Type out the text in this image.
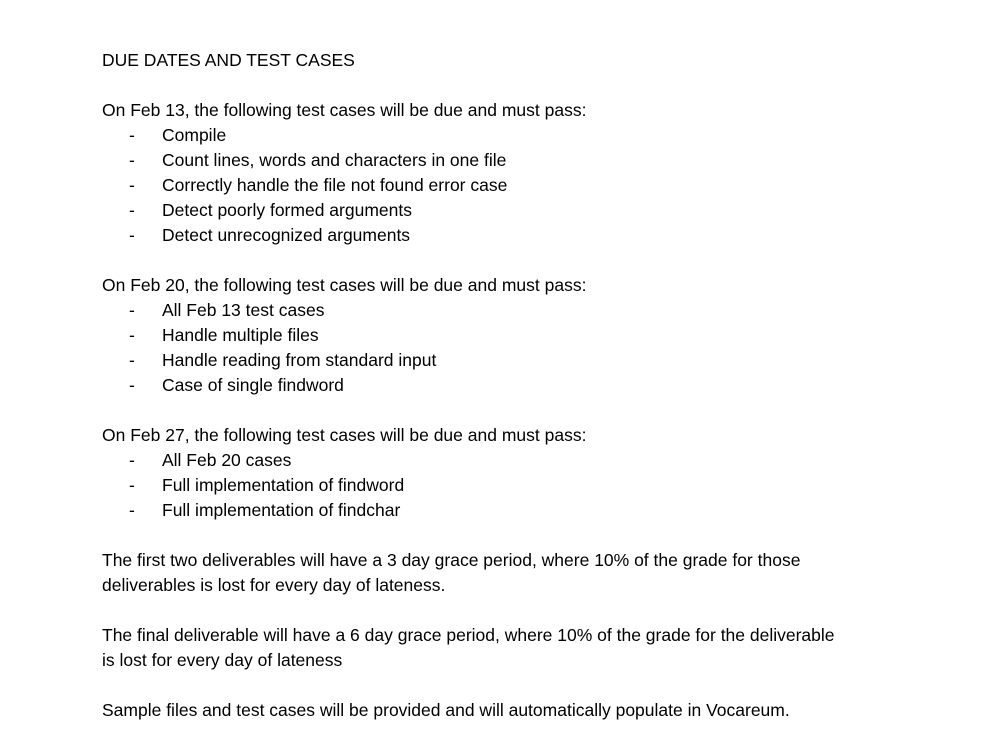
DUE DATES AND TEST CASES

On Feb 13, the following test cases will be due and must pass:

- Compile
- Count lines, words and characters in one file
- Correctly handle the file not found error case
- Detect poorly formed arguments
- Detect unrecognized arguments

On Feb 20, the following test cases will be due and must pass:

- All Feb 13 test cases
- Handle multiple files
- Handle reading from standard input
- Case of single findword

On Feb 27, the following test cases will be due and must pass:

- All Feb 20 cases
- Full implementation of findword
- Full implementation of findchar

The first two deliverables will have a 3 day grace period, where 10% of the grade for those
deliverables is lost for every day of lateness.

The final deliverable will have a 6 day grace period, where 10% of the grade for the deliverable
is lost for every day of lateness

Sample files and test cases will be provided and will automatically populate in Vocareum.
